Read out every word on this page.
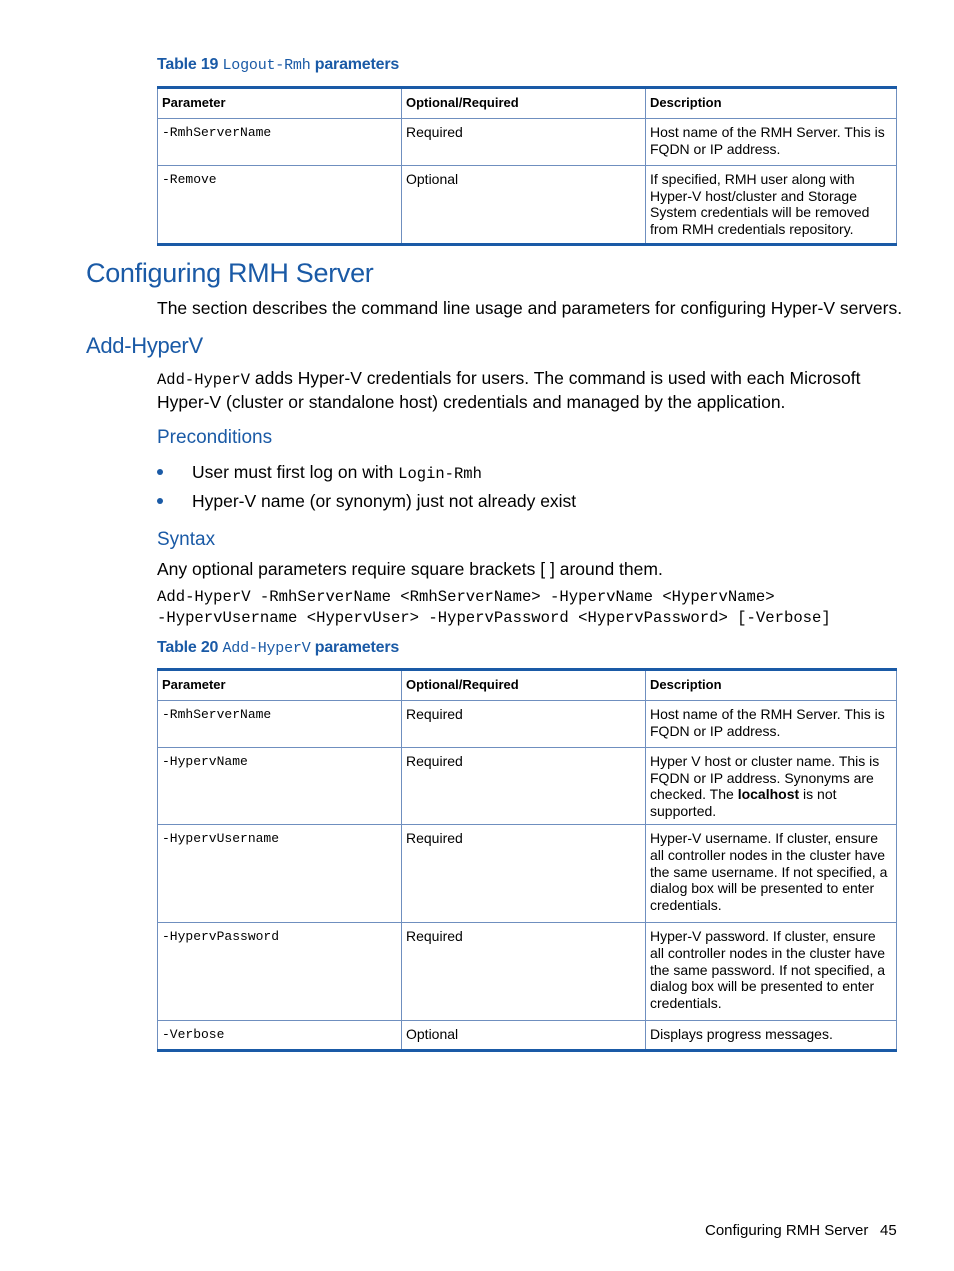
Table 19 Logout-Rmh parameters
Parameter	Optional/Required	Description
-RmhServerName	Required	Host name of the RMH Server. This is FQDN or IP address.
-Remove	Optional	If specified, RMH user along with Hyper-V host/cluster and Storage System credentials will be removed from RMH credentials repository.
Configuring RMH Server

The section describes the command line usage and parameters for configuring Hyper-V servers.

Add-HyperV

Add-HyperV adds Hyper-V credentials for users. The command is used with each Microsoft Hyper-V (cluster or standalone host) credentials and managed by the application.

Preconditions
User must first log on with Login-Rmh
Hyper-V name (or synonym) just not already exist
Syntax

Any optional parameters require square brackets [ ] around them.

Add-HyperV -RmhServerName <RmhServerName> -HypervName <HypervName>
-HypervUsername <HypervUser> -HypervPassword <HypervPassword> [-Verbose]
Table 20 Add-HyperV parameters
Parameter	Optional/Required	Description
-RmhServerName	Required	Host name of the RMH Server. This is FQDN or IP address.
-HypervName	Required	Hyper V host or cluster name. This is FQDN or IP address. Synonyms are checked. The localhost is not supported.
-HypervUsername	Required	Hyper-V username. If cluster, ensure all controller nodes in the cluster have the same username. If not specified, a dialog box will be presented to enter credentials.
-HypervPassword	Required	Hyper-V password. If cluster, ensure all controller nodes in the cluster have the same password. If not specified, a dialog box will be presented to enter credentials.
-Verbose	Optional	Displays progress messages.
Configuring RMH Server 45
